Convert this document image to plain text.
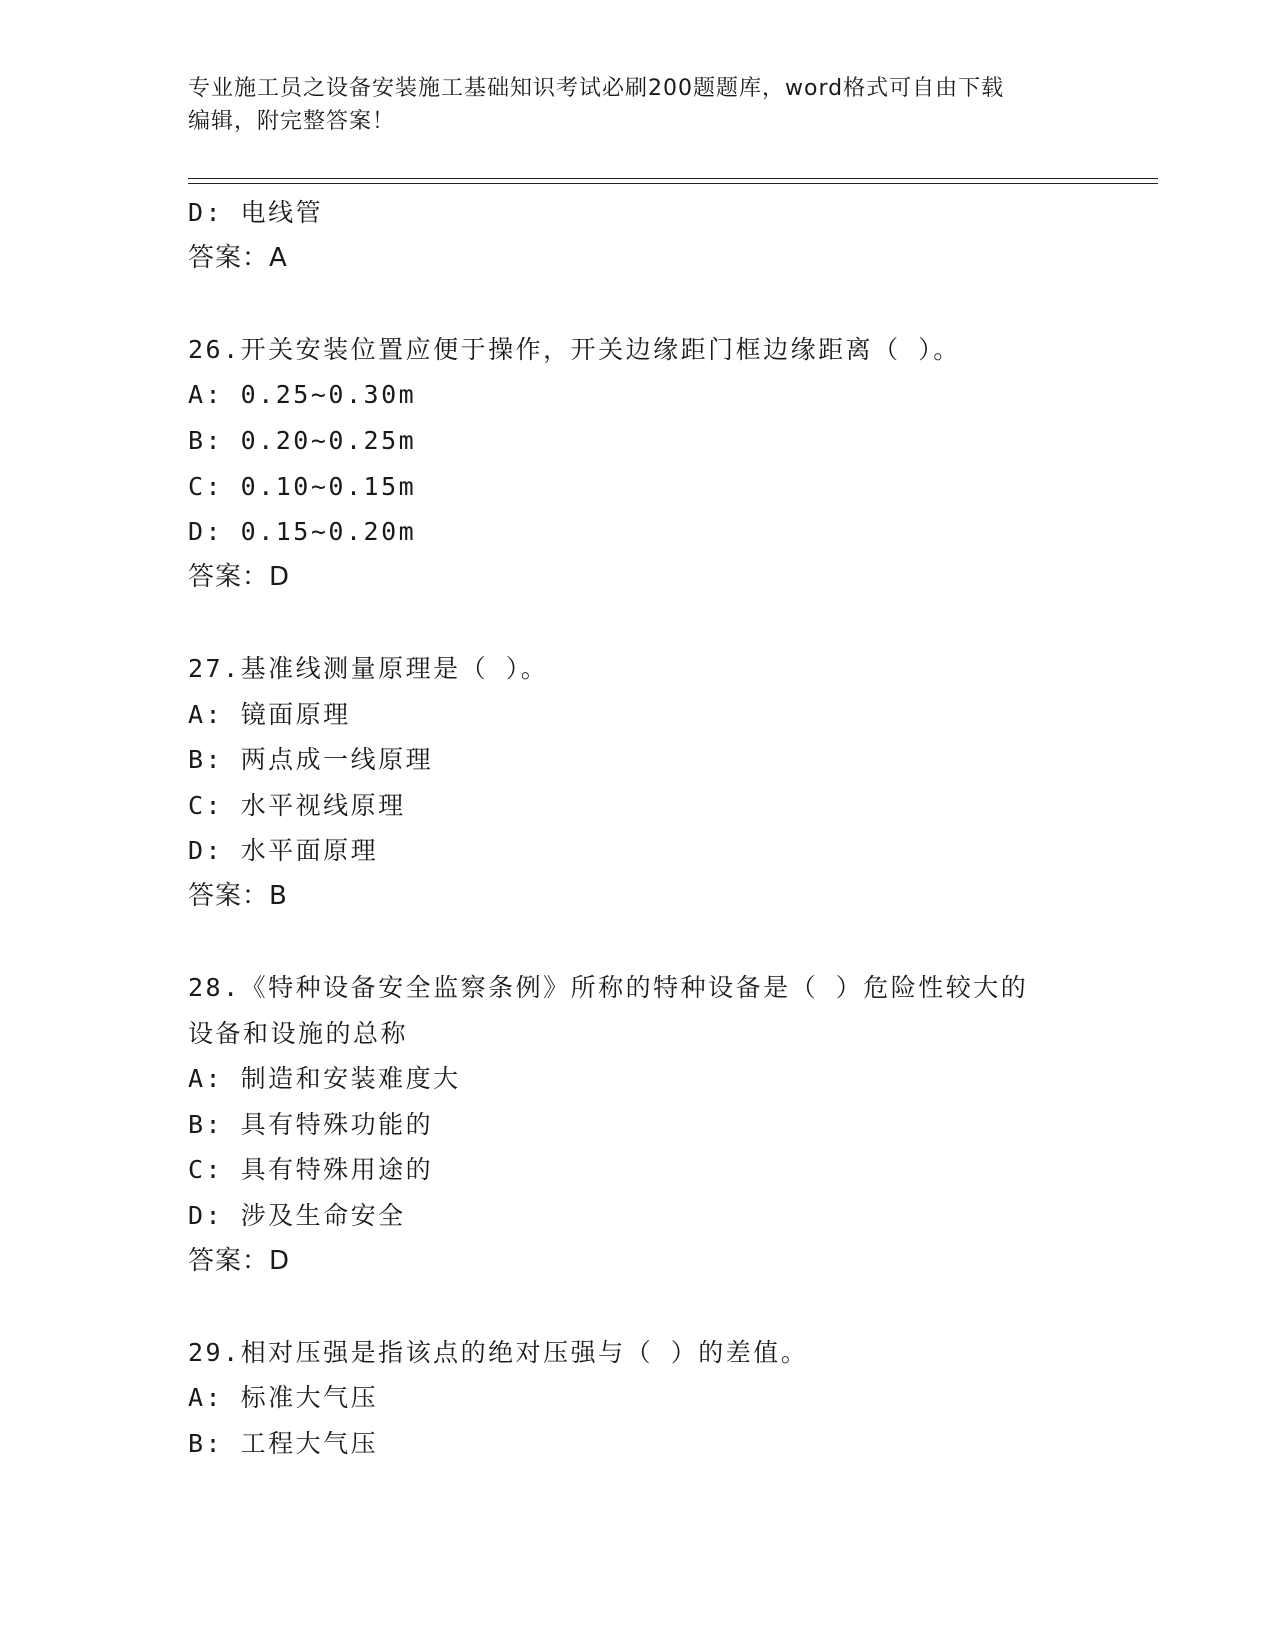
专业施工员之设备安装施工基础知识考试必刷200题题库，word格式可自由下载
编辑，附完整答案！
D: 电线管
答案：A
26.开关安装位置应便于操作，开关边缘距门框边缘距离（ ）。
A: 0.25~0.30m
B: 0.20~0.25m
C: 0.10~0.15m
D: 0.15~0.20m
答案：D
27.基准线测量原理是（ ）。
A: 镜面原理
B: 两点成一线原理
C: 水平视线原理
D: 水平面原理
答案：B
28.《特种设备安全监察条例》所称的特种设备是（ ）危险性较大的
设备和设施的总称
A: 制造和安装难度大
B: 具有特殊功能的
C: 具有特殊用途的
D: 涉及生命安全
答案：D
29.相对压强是指该点的绝对压强与（ ）的差值。
A: 标准大气压
B: 工程大气压
